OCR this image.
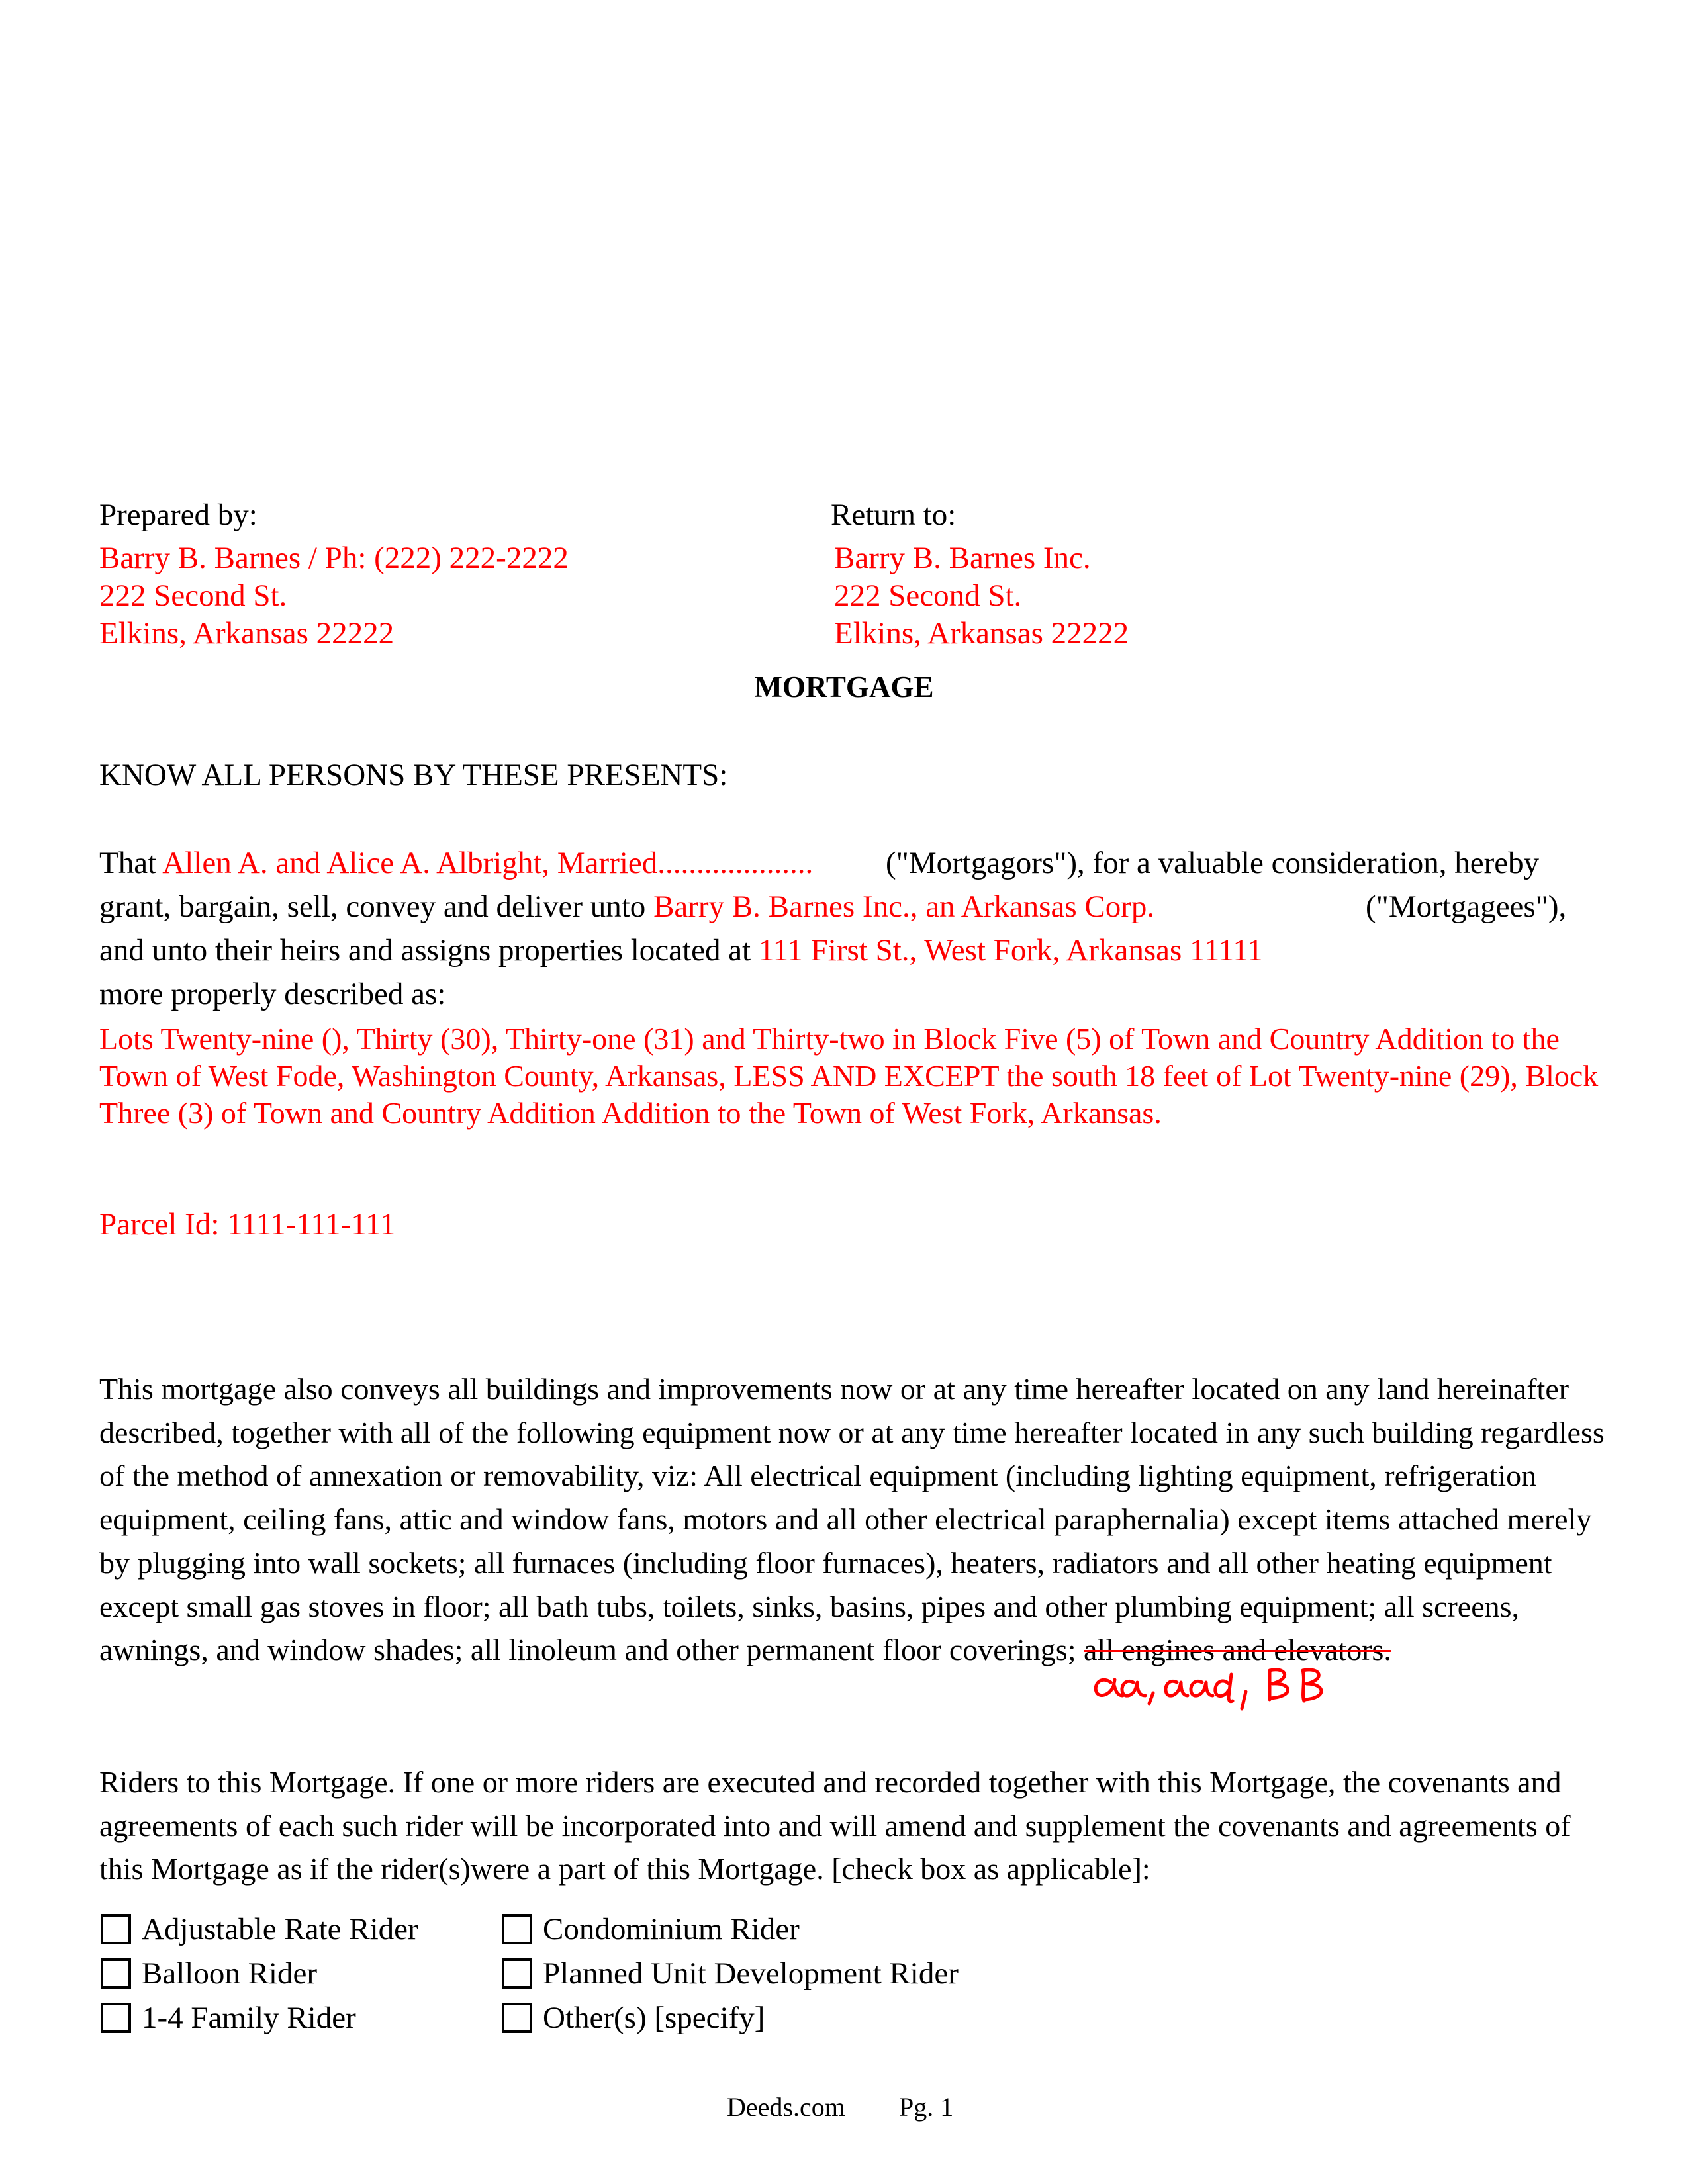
Prepared by:	Return to:
Barry B. Barnes / Ph: (222) 222-2222
222 Second St.
Elkins, Arkansas 22222
Barry B. Barnes Inc.
222 Second St.
Elkins, Arkansas 22222
MORTGAGE
KNOW ALL PERSONS BY THESE PRESENTS:
That Allen A. and Alice A. Albright, Married.................... ("Mortgagors"), for a valuable consideration, hereby
grant, bargain, sell, convey and deliver unto Barry B. Barnes Inc., an Arkansas Corp.	("Mortgagees"),
and unto their heirs and assigns properties located at 111 First St., West Fork, Arkansas 11111
more properly described as:
Lots Twenty-nine (), Thirty (30), Thirty-one (31) and Thirty-two in Block Five (5) of Town and Country Addition to the Town of West Fode, Washington County, Arkansas, LESS AND EXCEPT the south 18 feet of Lot Twenty-nine (29), Block Three (3) of Town and Country Addition Addition to the Town of West Fork, Arkansas.
Parcel Id: 1111-111-111
This mortgage also conveys all buildings and improvements now or at any time hereafter located on any land hereinafter described, together with all of the following equipment now or at any time hereafter located in any such building regardless of the method of annexation or removability, viz: All electrical equipment (including lighting equipment, refrigeration equipment, ceiling fans, attic and window fans, motors and all other electrical paraphernalia) except items attached merely by plugging into wall sockets; all furnaces (including floor furnaces), heaters, radiators and all other heating equipment except small gas stoves in floor; all bath tubs, toilets, sinks, basins, pipes and other plumbing equipment; all screens, awnings, and window shades; all linoleum and other permanent floor coverings; all engines and elevators.
Riders to this Mortgage. If one or more riders are executed and recorded together with this Mortgage, the covenants and agreements of each such rider will be incorporated into and will amend and supplement the covenants and agreements of this Mortgage as if the rider(s)were a part of this Mortgage. [check box as applicable]:
Adjustable Rate Rider
Balloon Rider
1-4 Family Rider
Condominium Rider
Planned Unit Development Rider
Other(s) [specify]
Deeds.com Pg. 1
